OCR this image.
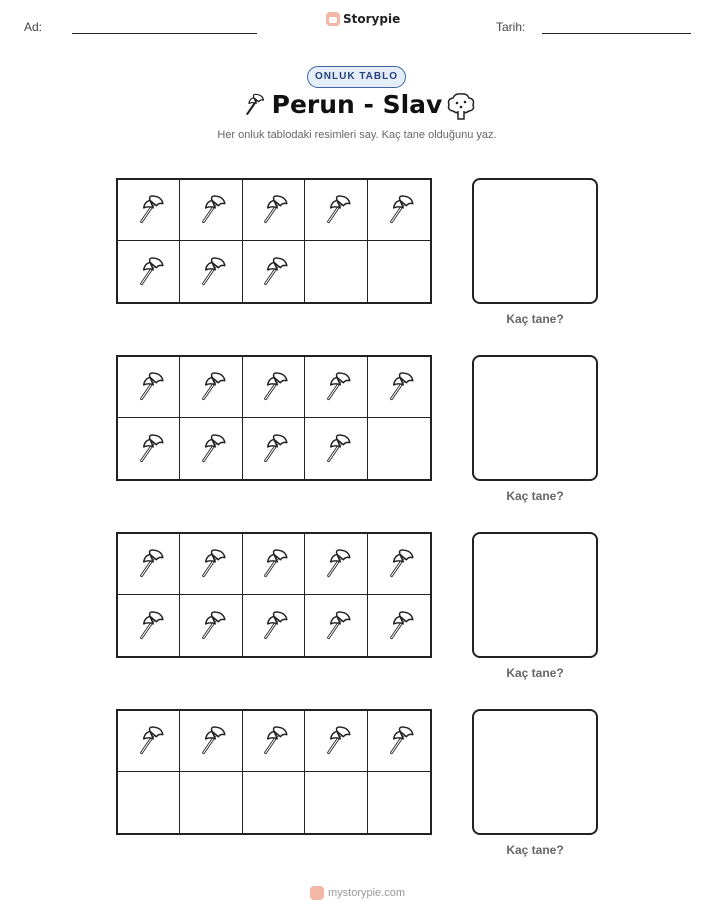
Ad:
Storypie
Tarih:
ONLUK TABLO
Perun - Slav
Her onluk tablodaki resimleri say. Kaç tane olduğunu yaz.
Kaç tane?
Kaç tane?
Kaç tane?
Kaç tane?
mystorypie.com
